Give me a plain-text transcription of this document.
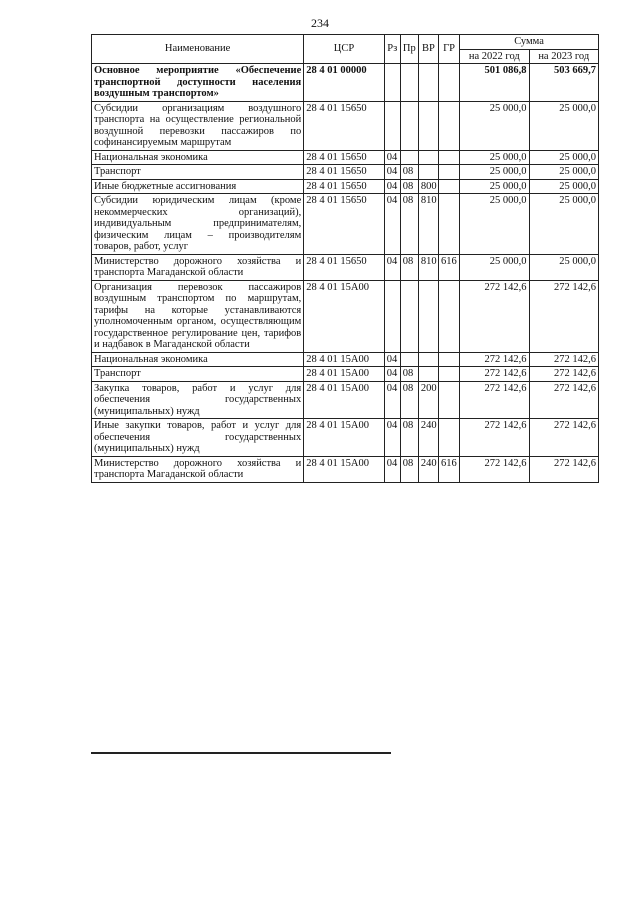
234
Наименование	ЦСР	Рз	Пр	ВР	ГР	Сумма	
						на 2022 год	на 2023 год
Основное мероприятие «Обеспечение транспортной доступности населения воздушным транспортом»	28 4 01 00000					501 086,8	503 669,7
Субсидии организациям воздушного транспорта на осуществление региональной воздушной перевозки пассажиров по софинансируемым маршрутам	28 4 01 15650					25 000,0	25 000,0
Национальная экономика	28 4 01 15650	04				25 000,0	25 000,0
Транспорт	28 4 01 15650	04	08			25 000,0	25 000,0
Иные бюджетные ассигнования	28 4 01 15650	04	08	800		25 000,0	25 000,0
Субсидии юридическим лицам (кроме некоммерческих организаций), индивидуальным предпринимателям, физическим лицам – производителям товаров, работ, услуг	28 4 01 15650	04	08	810		25 000,0	25 000,0
Министерство дорожного хозяйства и транспорта Магаданской области	28 4 01 15650	04	08	810	616	25 000,0	25 000,0
Организация перевозок пассажиров воздушным транспортом по маршрутам, тарифы на которые устанавливаются уполномоченным органом, осуществляющим государственное регулирование цен, тарифов и надбавок в Магаданской области	28 4 01 15А00					272 142,6	272 142,6
Национальная экономика	28 4 01 15А00	04				272 142,6	272 142,6
Транспорт	28 4 01 15А00	04	08			272 142,6	272 142,6
Закупка товаров, работ и услуг для обеспечения государственных (муниципальных) нужд	28 4 01 15А00	04	08	200		272 142,6	272 142,6
Иные закупки товаров, работ и услуг для обеспечения государственных (муниципальных) нужд	28 4 01 15А00	04	08	240		272 142,6	272 142,6
Министерство дорожного хозяйства и транспорта Магаданской области	28 4 01 15А00	04	08	240	616	272 142,6	272 142,6
